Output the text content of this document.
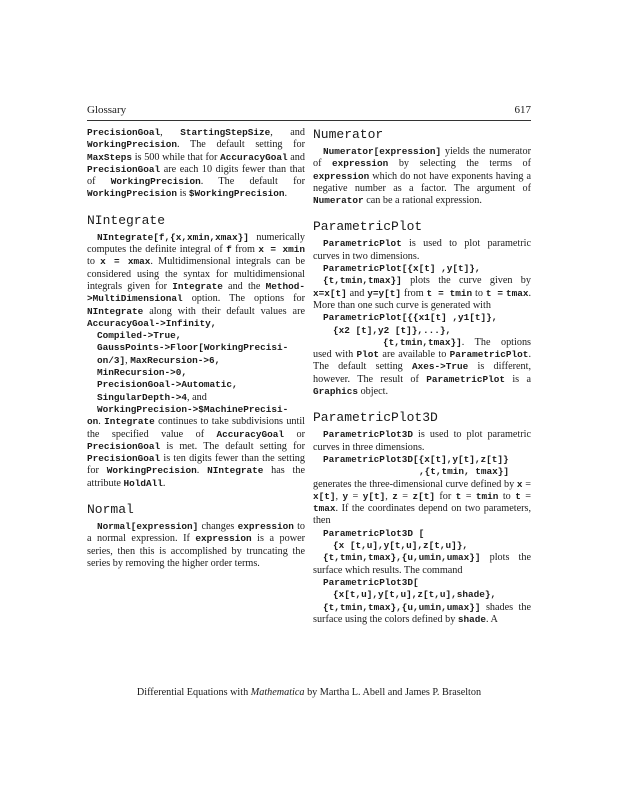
Glossary	617

PrecisionGoal, StartingStepSize, and WorkingPrecision. The default setting for MaxSteps is 500 while that for AccuracyGoal and PrecisionGoal are each 10 digits fewer than that of WorkingPrecision. The default for WorkingPrecision is $WorkingPrecision.

NIntegrate

NIntegrate[f,{x,xmin,xmax}] numerically computes the definite integral of f from x = xmin to x = xmax. Multidimensional integrals can be considered using the syntax for multidimensional integrals given for Integrate and the Method->MultiDimensional option. The options for NIntegrate along with their default values are AccuracyGoal->Infinity,
Compiled->True,
GaussPoints->Floor[WorkingPrecisi-
on/3], MaxRecursion->6,
MinRecursion->0,
PrecisionGoal->Automatic,
SingularDepth->4, and
WorkingPrecision->$MachinePrecisi-
on. Integrate continues to take subdivisions until the specified value of AccuracyGoal or PrecisionGoal is met. The default setting for PrecisionGoal is ten digits fewer than the setting for WorkingPrecision. NIntegrate has the attribute HoldAll.

Normal

Normal[expression] changes expression to a normal expression. If expression is a power series, then this is accomplished by truncating the series by removing the higher order terms.

Numerator

Numerator[expression] yields the numerator of expression by selecting the terms of expression which do not have exponents having a negative number as a factor. The argument of Numerator can be a rational expression.

ParametricPlot

ParametricPlot is used to plot parametric curves in two dimensions.
ParametricPlot[{x[t] ,y[t]},
{t,tmin,tmax}] plots the curve given by x=x[t] and y=y[t] from t = tmin to t = tmax. More than one such curve is generated with
ParametricPlot[{{x1[t] ,y1[t]},
{x2 [t],y2 [t]},...},
{t,tmin,tmax}]. The options used with Plot are available to ParametricPlot. The default setting Axes->True is different, however. The result of ParametricPlot is a Graphics object.

ParametricPlot3D

ParametricPlot3D is used to plot parametric curves in three dimensions.
ParametricPlot3D[{x[t],y[t],z[t]}
,{t,tmin, tmax}]
generates the three-dimensional curve defined by x = x[t], y = y[t], z = z[t] for t = tmin to t = tmax. If the coordinates depend on two parameters, then
ParametricPlot3D [
{x [t,u],y[t,u],z[t,u]},
{t,tmin,tmax},{u,umin,umax}] plots the surface which results. The command
ParametricPlot3D[
{x[t,u],y[t,u],z[t,u],shade},
{t,tmin,tmax},{u,umin,umax}] shades the surface using the colors defined by shade. A

Differential Equations with Mathematica by Martha L. Abell and James P. Braselton
